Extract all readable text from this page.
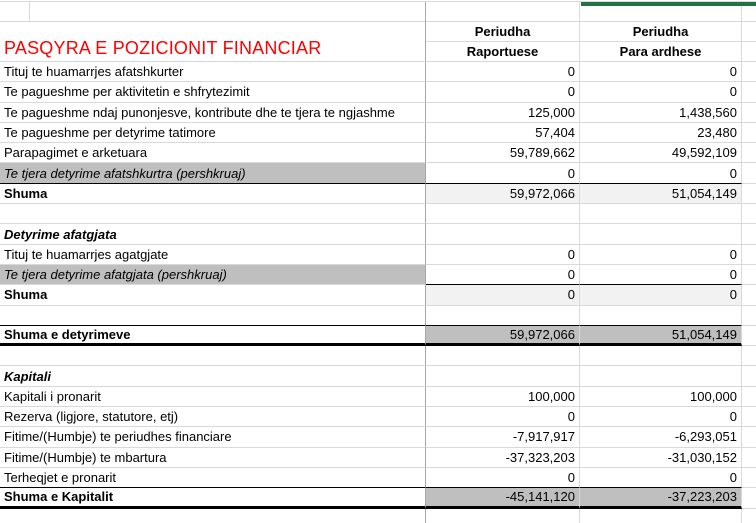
PASQYRA E POZICIONIT FINANCIAR
Periudha	Periudha
Raportuese	Para ardhese
Tituj te huamarrjes afatshkurter	0	0
Te pagueshme per aktivitetin e shfrytezimit	0	0
Te pagueshme ndaj punonjesve, kontribute dhe te tjera te ngjashme	125,000	1,438,560
Te pagueshme per detyrime tatimore	57,404	23,480
Parapagimet e arketuara	59,789,662	49,592,109
Te tjera detyrime afatshkurtra (pershkruaj)	0	0
Shuma	59,972,066	51,054,149
Detyrime afatgjata
Tituj te huamarrjes agatgjate	0	0
Te tjera detyrime afatgjata (pershkruaj)	0	0
Shuma	0	0
Shuma e detyrimeve	59,972,066	51,054,149
Kapitali
Kapitali i pronarit	100,000	100,000
Rezerva (ligjore, statutore, etj)	0	0
Fitime/(Humbje) te periudhes financiare	-7,917,917	-6,293,051
Fitime/(Humbje) te mbartura	-37,323,203	-31,030,152
Terheqjet e pronarit	0	0
Shuma e Kapitalit	-45,141,120	-37,223,203
